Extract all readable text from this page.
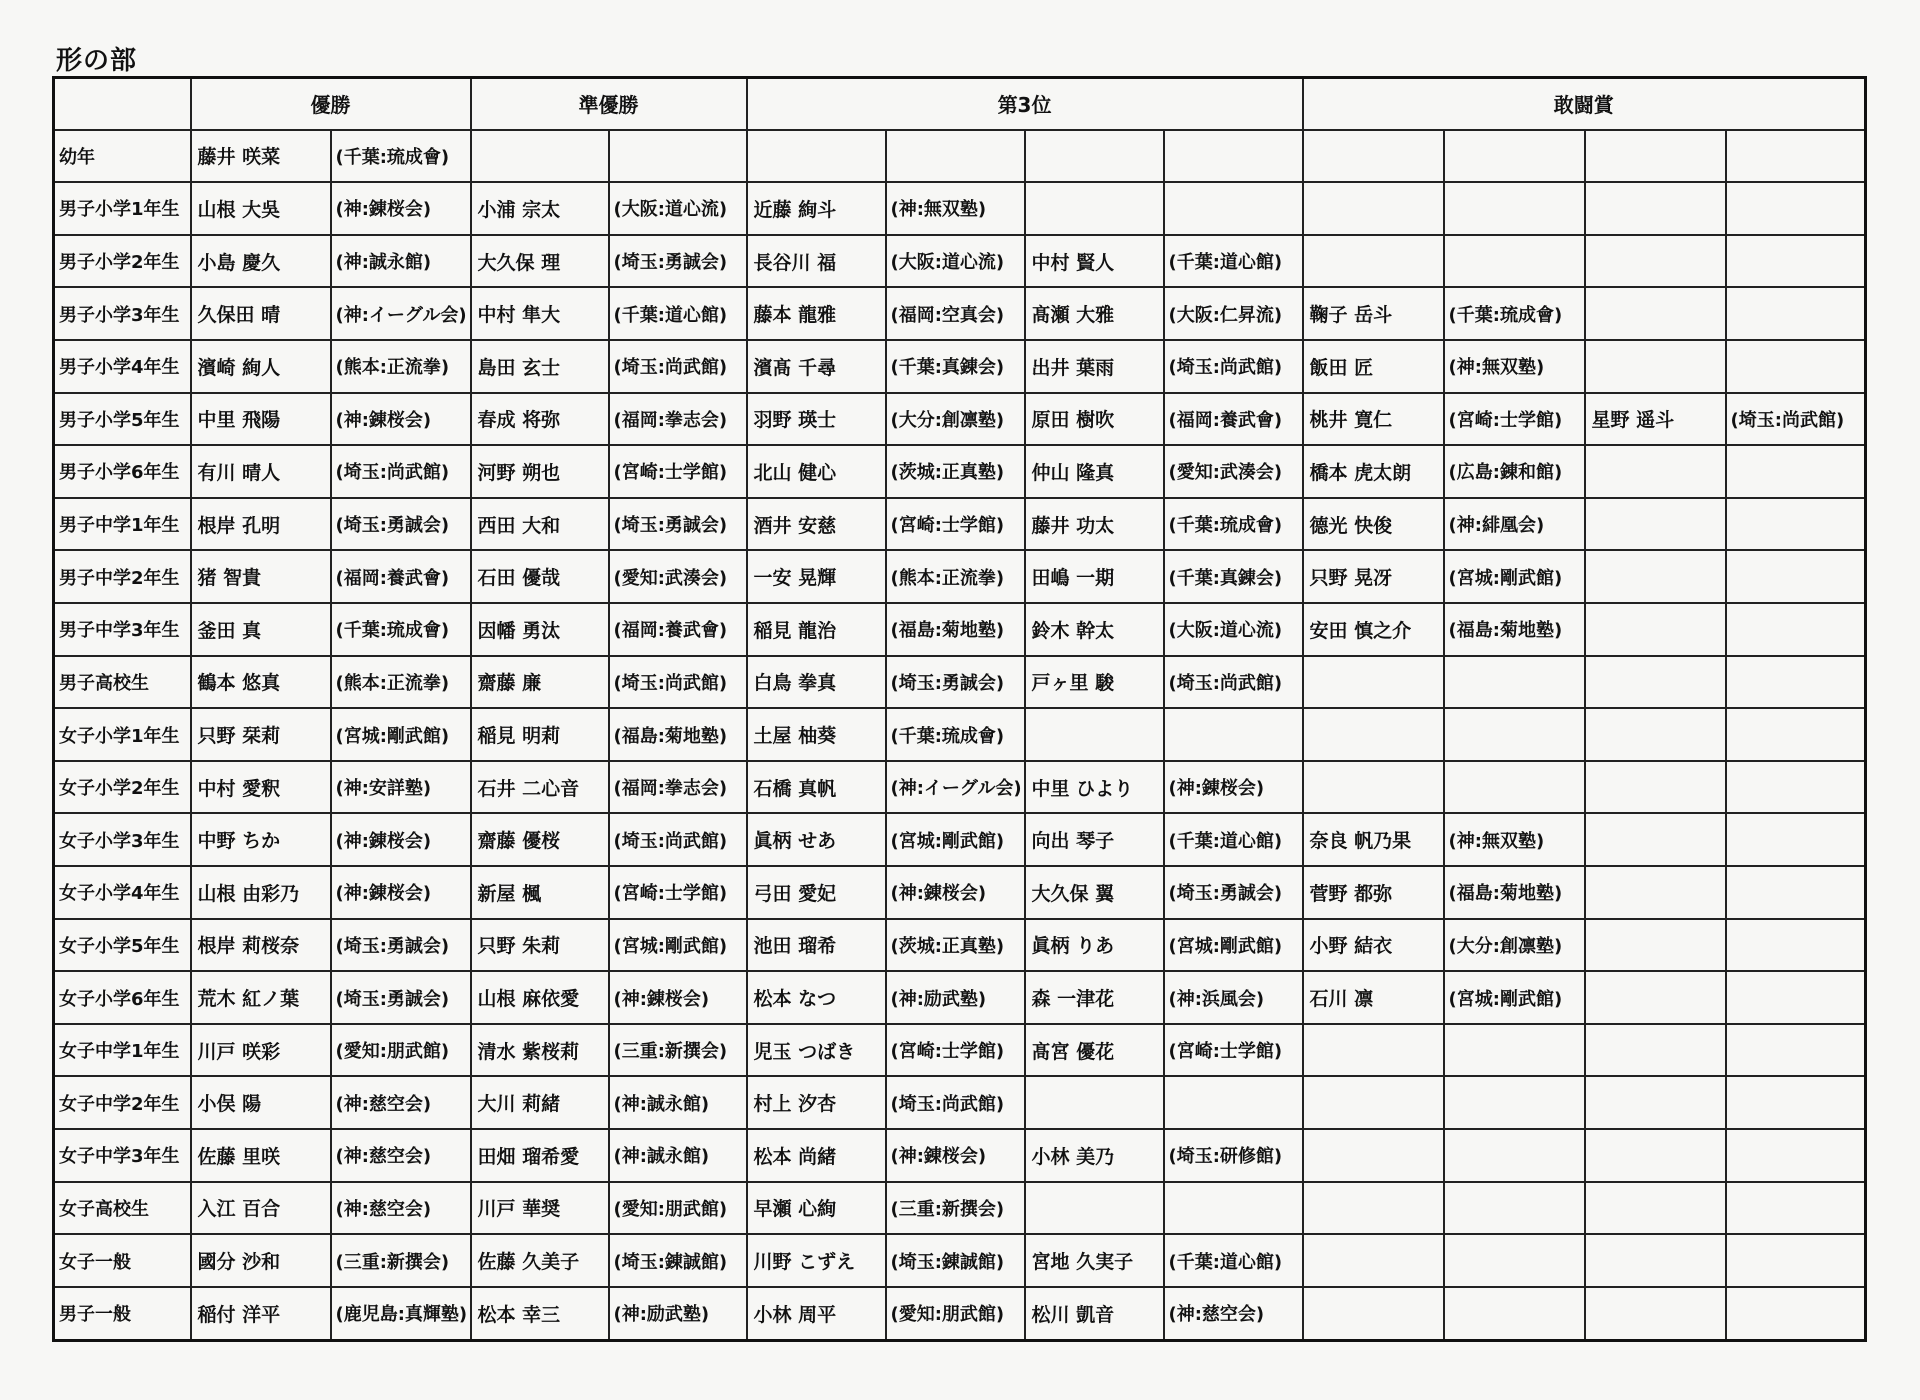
形の部
	優勝		準優勝		第3位				敢闘賞			
幼年	藤井 咲菜	(千葉:琉成會)										
男子小学1年生	山根 大吳	(神:錬桜会)	小浦 宗太	(大阪:道心流)	近藤 絢斗	(神:無双塾)						
男子小学2年生	小島 慶久	(神:誠永館)	大久保 理	(埼玉:勇誠会)	長谷川 福	(大阪:道心流)	中村 賢人	(千葉:道心館)				
男子小学3年生	久保田 晴	(神:イーグル会)	中村 隼大	(千葉:道心館)	藤本 龍雅	(福岡:空真会)	髙瀬 大雅	(大阪:仁昇流)	鞠子 岳斗	(千葉:琉成會)		
男子小学4年生	濱崎 絢人	(熊本:正流拳)	島田 玄士	(埼玉:尚武館)	濱髙 千尋	(千葉:真錬会)	出井 葉雨	(埼玉:尚武館)	飯田 匠	(神:無双塾)		
男子小学5年生	中里 飛陽	(神:錬桜会)	春成 将弥	(福岡:拳志会)	羽野 瑛士	(大分:創凛塾)	原田 樹吹	(福岡:養武會)	桃井 寛仁	(宮崎:士学館)	星野 遥斗	(埼玉:尚武館)
男子小学6年生	有川 晴人	(埼玉:尚武館)	河野 朔也	(宮崎:士学館)	北山 健心	(茨城:正真塾)	仲山 隆真	(愛知:武湊会)	橋本 虎太朗	(広島:錬和館)		
男子中学1年生	根岸 孔明	(埼玉:勇誠会)	西田 大和	(埼玉:勇誠会)	酒井 安慈	(宮崎:士学館)	藤井 功太	(千葉:琉成會)	德光 快俊	(神:緋凰会)		
男子中学2年生	猪 智貴	(福岡:養武會)	石田 優哉	(愛知:武湊会)	一安 晃輝	(熊本:正流拳)	田嶋 一期	(千葉:真錬会)	只野 晃冴	(宮城:剛武館)		
男子中学3年生	釜田 真	(千葉:琉成會)	因幡 勇汰	(福岡:養武會)	稲見 龍治	(福島:菊地塾)	鈴木 幹太	(大阪:道心流)	安田 慎之介	(福島:菊地塾)		
男子高校生	鶴本 悠真	(熊本:正流拳)	齋藤 廉	(埼玉:尚武館)	白鳥 拳真	(埼玉:勇誠会)	戸ヶ里 駿	(埼玉:尚武館)				
女子小学1年生	只野 栞莉	(宮城:剛武館)	稲見 明莉	(福島:菊地塾)	土屋 柚葵	(千葉:琉成會)						
女子小学2年生	中村 愛釈	(神:安詳塾)	石井 二心音	(福岡:拳志会)	石橋 真帆	(神:イーグル会)	中里 ひより	(神:錬桜会)				
女子小学3年生	中野 ちか	(神:錬桜会)	齋藤 優桜	(埼玉:尚武館)	眞柄 せあ	(宮城:剛武館)	向出 琴子	(千葉:道心館)	奈良 帆乃果	(神:無双塾)		
女子小学4年生	山根 由彩乃	(神:錬桜会)	新屋 楓	(宮崎:士学館)	弓田 愛妃	(神:錬桜会)	大久保 翼	(埼玉:勇誠会)	菅野 都弥	(福島:菊地塾)		
女子小学5年生	根岸 莉桜奈	(埼玉:勇誠会)	只野 朱莉	(宮城:剛武館)	池田 瑠希	(茨城:正真塾)	眞柄 りあ	(宮城:剛武館)	小野 結衣	(大分:創凛塾)		
女子小学6年生	荒木 紅ノ葉	(埼玉:勇誠会)	山根 麻依愛	(神:錬桜会)	松本 なつ	(神:励武塾)	森 一津花	(神:浜風会)	石川 凛	(宮城:剛武館)		
女子中学1年生	川戸 咲彩	(愛知:朋武館)	清水 紫桜莉	(三重:新撰会)	児玉 つばき	(宮崎:士学館)	髙宮 優花	(宮崎:士学館)				
女子中学2年生	小俣 陽	(神:慈空会)	大川 莉緒	(神:誠永館)	村上 汐杏	(埼玉:尚武館)						
女子中学3年生	佐藤 里咲	(神:慈空会)	田畑 瑠希愛	(神:誠永館)	松本 尚緒	(神:錬桜会)	小林 美乃	(埼玉:研修館)				
女子高校生	入江 百合	(神:慈空会)	川戸 華奨	(愛知:朋武館)	早瀬 心絢	(三重:新撰会)						
女子一般	國分 沙和	(三重:新撰会)	佐藤 久美子	(埼玉:錬誠館)	川野 こずえ	(埼玉:錬誠館)	宮地 久実子	(千葉:道心館)				
男子一般	稲付 洋平	(鹿児島:真輝塾)	松本 幸三	(神:励武塾)	小林 周平	(愛知:朋武館)	松川 凱音	(神:慈空会)				
